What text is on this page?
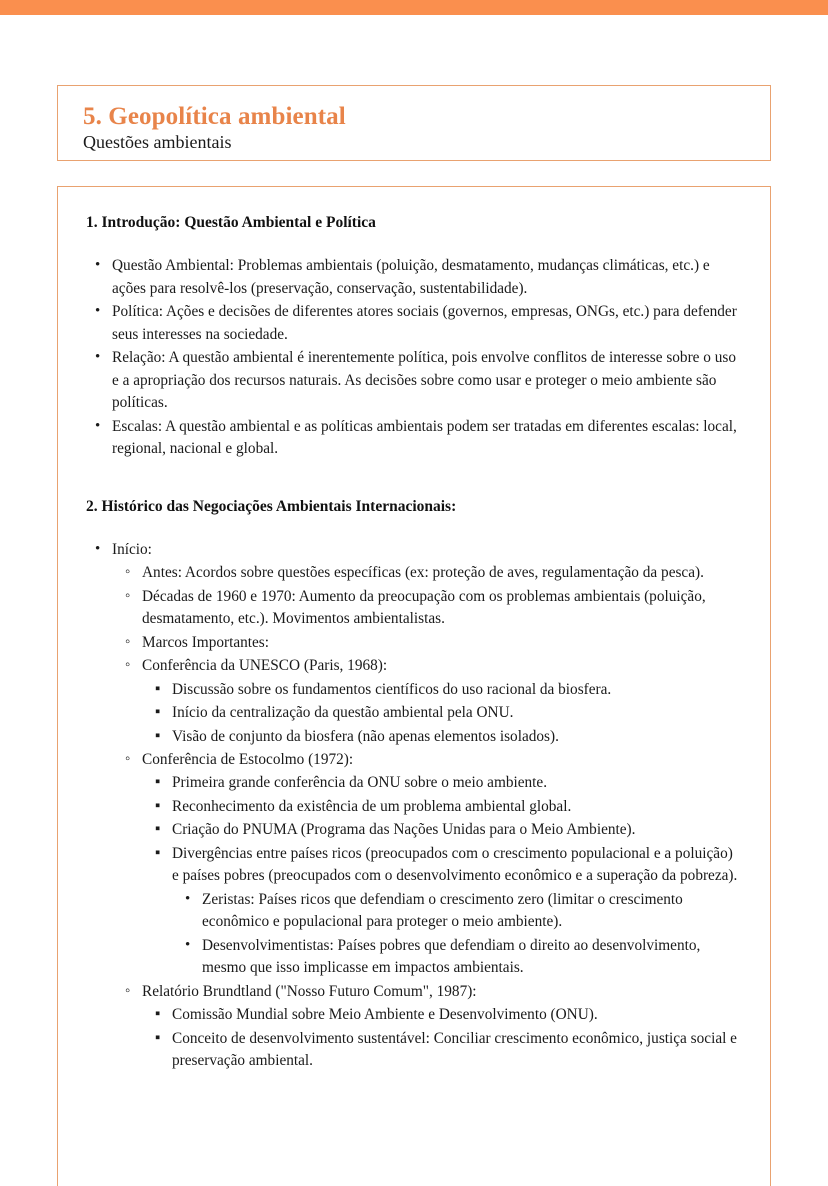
5. Geopolítica ambiental
Questões ambientais
1. Introdução: Questão Ambiental e Política
• Questão Ambiental: Problemas ambientais (poluição, desmatamento, mudanças climáticas, etc.) e ações para resolvê-los (preservação, conservação, sustentabilidade).
• Política: Ações e decisões de diferentes atores sociais (governos, empresas, ONGs, etc.) para defender seus interesses na sociedade.
• Relação: A questão ambiental é inerentemente política, pois envolve conflitos de interesse sobre o uso e a apropriação dos recursos naturais. As decisões sobre como usar e proteger o meio ambiente são políticas.
• Escalas: A questão ambiental e as políticas ambientais podem ser tratadas em diferentes escalas: local, regional, nacional e global.
2. Histórico das Negociações Ambientais Internacionais:
• Início:
◦ Antes: Acordos sobre questões específicas (ex: proteção de aves, regulamentação da pesca).
◦ Décadas de 1960 e 1970: Aumento da preocupação com os problemas ambientais (poluição, desmatamento, etc.). Movimentos ambientalistas.
◦ Marcos Importantes:
◦ Conferência da UNESCO (Paris, 1968):
▪ Discussão sobre os fundamentos científicos do uso racional da biosfera.
▪ Início da centralização da questão ambiental pela ONU.
▪ Visão de conjunto da biosfera (não apenas elementos isolados).
◦ Conferência de Estocolmo (1972):
▪ Primeira grande conferência da ONU sobre o meio ambiente.
▪ Reconhecimento da existência de um problema ambiental global.
▪ Criação do PNUMA (Programa das Nações Unidas para o Meio Ambiente).
▪ Divergências entre países ricos (preocupados com o crescimento populacional e a poluição) e países pobres (preocupados com o desenvolvimento econômico e a superação da pobreza).
• Zeristas: Países ricos que defendiam o crescimento zero (limitar o crescimento econômico e populacional para proteger o meio ambiente).
• Desenvolvimentistas: Países pobres que defendiam o direito ao desenvolvimento, mesmo que isso implicasse em impactos ambientais.
◦ Relatório Brundtland ("Nosso Futuro Comum", 1987):
▪ Comissão Mundial sobre Meio Ambiente e Desenvolvimento (ONU).
▪ Conceito de desenvolvimento sustentável: Conciliar crescimento econômico, justiça social e preservação ambiental.
